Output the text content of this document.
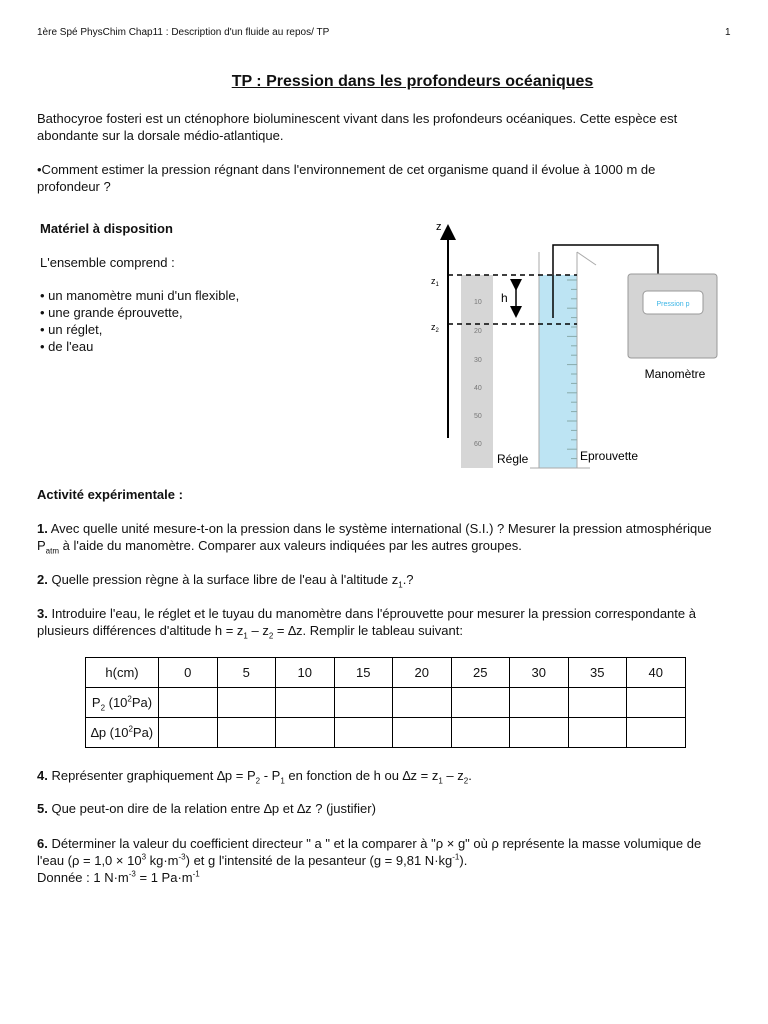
1ère Spé PhysChim Chap11 : Description d'un fluide au repos/ TP	1
TP : Pression dans les profondeurs océaniques
Bathocyroe fosteri est un cténophore bioluminescent vivant dans les profondeurs océaniques. Cette espèce est
abondante sur la dorsale médio-atlantique.
•Comment estimer la pression régnant dans l'environnement de cet organisme quand il évolue à 1000 m de
profondeur ?
Matériel à disposition
L'ensemble comprend :
• un manomètre muni d'un flexible,
• une grande éprouvette,
• un réglet,
• de l'eau
z
10
20
30
40
50
60
$z_1$
$z_2$
h	Pression p
Manomètre
Régle	Eprouvette
Activité expérimentale :
1. Avec quelle unité mesure-t-on la pression dans le système international (S.I.) ? Mesurer la pression atmosphérique
$P_{atm}$ à l'aide du manomètre. Comparer aux valeurs indiquées par les autres groupes.
2. Quelle pression règne à la surface libre de l'eau à l'altitude $z_1$.?
3. Introduire l'eau, le réglet et le tuyau du manomètre dans l'éprouvette pour mesurer la pression correspondante à
plusieurs différences d'altitude $h = z_1 - z_2 = \Delta z$. Remplir le tableau suivant:
h(cm)	0	5	10	15	20	25	30	35	40
$P_2$ $(10^2Pa)$									
∆p $(10^2Pa)$									
4. Représenter graphiquement $\Delta p = P_2 - P_1$ en fonction de h ou $\Delta z = z_1 - z_2$.
5. Que peut-on dire de la relation entre ∆p et ∆z ? (justifier)
6. Déterminer la valeur du coefficient directeur " a " et la comparer à "ρ × g" où ρ représente la masse volumique de
l'eau ($\rho = 1,0 \times 10^3$ $kg\cdot m^{-3}$) et g l'intensité de la pesanteur (g = 9,81 $N\cdot kg^{-1}$).
Donnée : 1 $N\cdot m^{-3} = 1$ $Pa\cdot m^{-1}$
